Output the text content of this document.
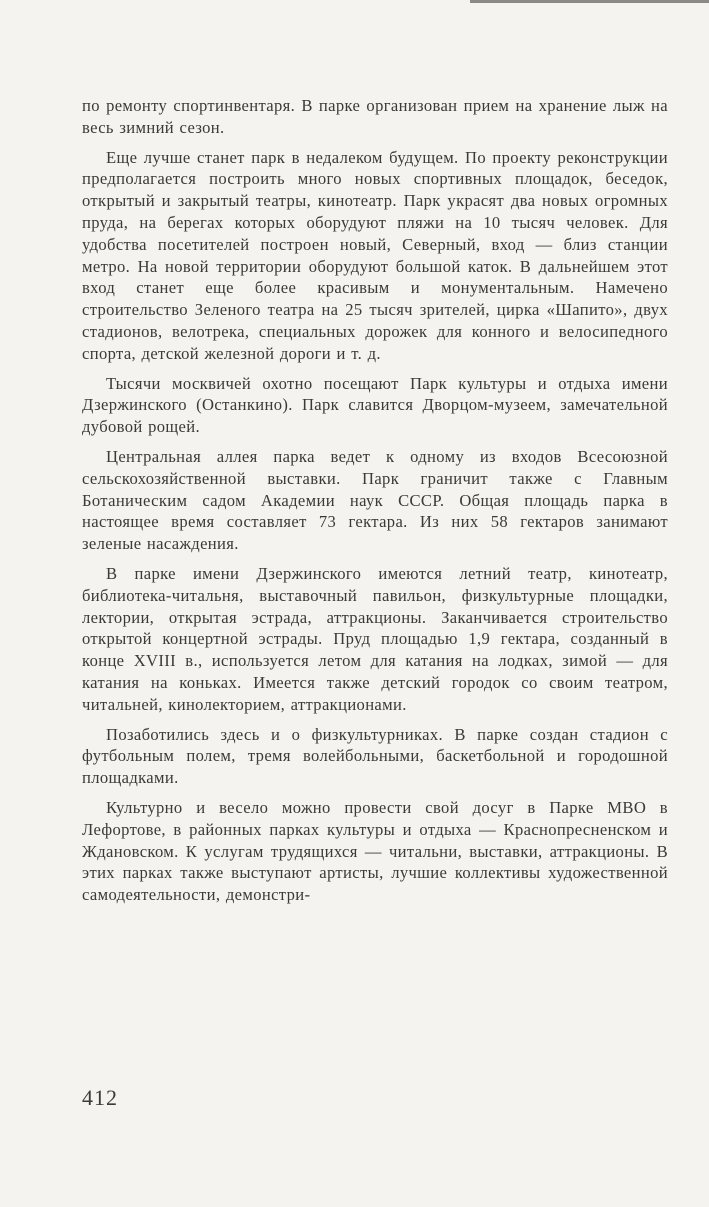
по ремонту спортинвентаря. В парке организован прием на хранение лыж на весь зимний сезон.

Еще лучше станет парк в недалеком будущем. По проекту реконструкции предполагается построить много новых спортивных площадок, беседок, открытый и закрытый театры, кинотеатр. Парк украсят два новых огромных пруда, на берегах которых оборудуют пляжи на 10 тысяч человек. Для удобства посетителей построен новый, Северный, вход — близ станции метро. На новой территории оборудуют большой каток. В дальнейшем этот вход станет еще более красивым и монументальным. Намечено строительство Зеленого театра на 25 тысяч зрителей, цирка «Шапито», двух стадионов, велотрека, специальных дорожек для конного и велосипедного спорта, детской железной дороги и т. д.

Тысячи москвичей охотно посещают Парк культуры и отдыха имени Дзержинского (Останкино). Парк славится Дворцом-музеем, замечательной дубовой рощей.

Центральная аллея парка ведет к одному из входов Всесоюзной сельскохозяйственной выставки. Парк граничит также с Главным Ботаническим садом Академии наук СССР. Общая площадь парка в настоящее время составляет 73 гектара. Из них 58 гектаров занимают зеленые насаждения.

В парке имени Дзержинского имеются летний театр, кинотеатр, библиотека-читальня, выставочный павильон, физкультурные площадки, лектории, открытая эстрада, аттракционы. Заканчивается строительство открытой концертной эстрады. Пруд площадью 1,9 гектара, созданный в конце XVIII в., используется летом для катания на лодках, зимой — для катания на коньках. Имеется также детский городок со своим театром, читальней, кинолекторием, аттракционами.

Позаботились здесь и о физкультурниках. В парке создан стадион с футбольным полем, тремя волейбольными, баскетбольной и городошной площадками.

Культурно и весело можно провести свой досуг в Парке МВО в Лефортове, в районных парках культуры и отдыха — Краснопресненском и Ждановском. К услугам трудящихся — читальни, выставки, аттракционы. В этих парках также выступают артисты, лучшие коллективы художественной самодеятельности, демонстри-

412
